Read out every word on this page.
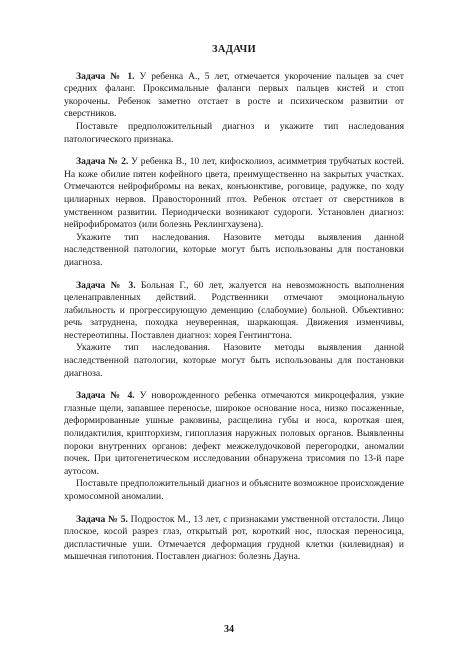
ЗАДАЧИ

Задача № 1. У ребенка А., 5 лет, отмечается укорочение пальцев за счет средних фаланг. Проксимальные фаланги первых пальцев кистей и стоп укорочены. Ребенок заметно отстает в росте и психическом развитии от сверстников.

Поставьте предположительный диагноз и укажите тип наследования патологического признака.

Задача № 2. У ребенка В., 10 лет, кифосколиоз, асимметрия трубчатых костей. На коже обилие пятен кофейного цвета, преимущественно на закрытых участках. Отмечаются нейрофибромы на веках, конъюнктиве, роговице, радужке, по ходу цилиарных нервов. Правосторонний птоз. Ребенок отстает от сверстников в умственном развитии. Периодически возникают судороги. Установлен диагноз: нейрофиброматоз (или болезнь Реклингхаузена).

Укажите тип наследования. Назовите методы выявления данной наследственной патологии, которые могут быть использованы для постановки диагноза.

Задача № 3. Больная Г., 60 лет, жалуется на невозможность выполнения целенаправленных действий. Родственники отмечают эмоциональную лабильность и прогрессирующую деменцию (слабоумие) больной. Объективно: речь затруднена, походка неуверенная, шаркающая. Движения изменчивы, нестереотипны. Поставлен диагноз: хорея Гентингтона.

Укажите тип наследования. Назовите методы выявления данной наследственной патологии, которые могут быть использованы для постановки диагноза.

Задача № 4. У новорожденного ребенка отмечаются микроцефалия, узкие глазные щели, запавшее переносье, широкое основание носа, низко посаженные, деформированные ушные раковины, расщелина губы и носа, короткая шея, полидактилия, крипторхизм, гипоплазия наружных половых органов. Выявленны пороки внутренних органов: дефект межжелудочковой перегородки, аномалии почек. При цитогенетическом исследовании обнаружена трисомия по 13-й паре аутосом.

Поставьте предположительный диагноз и объясните возможное происхождение хромосомной аномалии.

Задача № 5. Подросток М., 13 лет, с признаками умственной отсталости. Лицо плоское, косой разрез глаз, открытый рот, короткий нос, плоская переносица, диспластичные уши. Отмечается деформация грудной клетки (килевидная) и мышечная гипотония. Поставлен диагноз: болезнь Дауна.

34
